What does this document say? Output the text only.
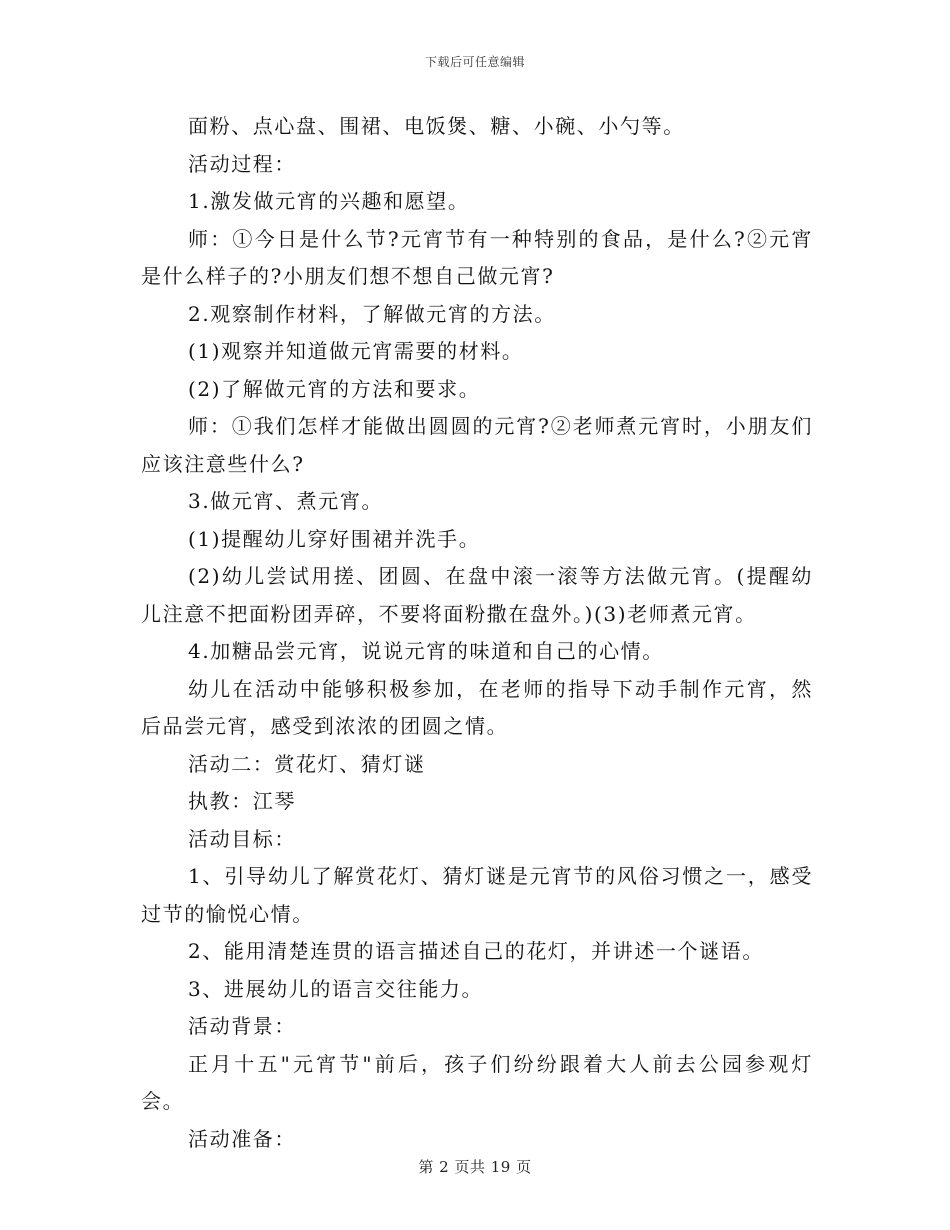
下载后可任意编辑

面粉、点心盘、围裙、电饭煲、糖、小碗、小勺等。

活动过程：

1.激发做元宵的兴趣和愿望。

师：①今日是什么节?元宵节有一种特别的食品，是什么?②元宵是什么样子的?小朋友们想不想自己做元宵?

2.观察制作材料，了解做元宵的方法。

(1)观察并知道做元宵需要的材料。

(2)了解做元宵的方法和要求。

师：①我们怎样才能做出圆圆的元宵?②老师煮元宵时，小朋友们应该注意些什么?

3.做元宵、煮元宵。

(1)提醒幼儿穿好围裙并洗手。

(2)幼儿尝试用搓、团圆、在盘中滚一滚等方法做元宵。(提醒幼儿注意不把面粉团弄碎，不要将面粉撒在盘外。)(3)老师煮元宵。

4.加糖品尝元宵，说说元宵的味道和自己的心情。

幼儿在活动中能够积极参加，在老师的指导下动手制作元宵，然后品尝元宵，感受到浓浓的团圆之情。

活动二：赏花灯、猜灯谜

执教：江琴

活动目标：

1、引导幼儿了解赏花灯、猜灯谜是元宵节的风俗习惯之一，感受过节的愉悦心情。

2、能用清楚连贯的语言描述自己的花灯，并讲述一个谜语。

3、进展幼儿的语言交往能力。

活动背景：

正月十五"元宵节"前后，孩子们纷纷跟着大人前去公园参观灯会。

活动准备：

第 2 页共 19 页
